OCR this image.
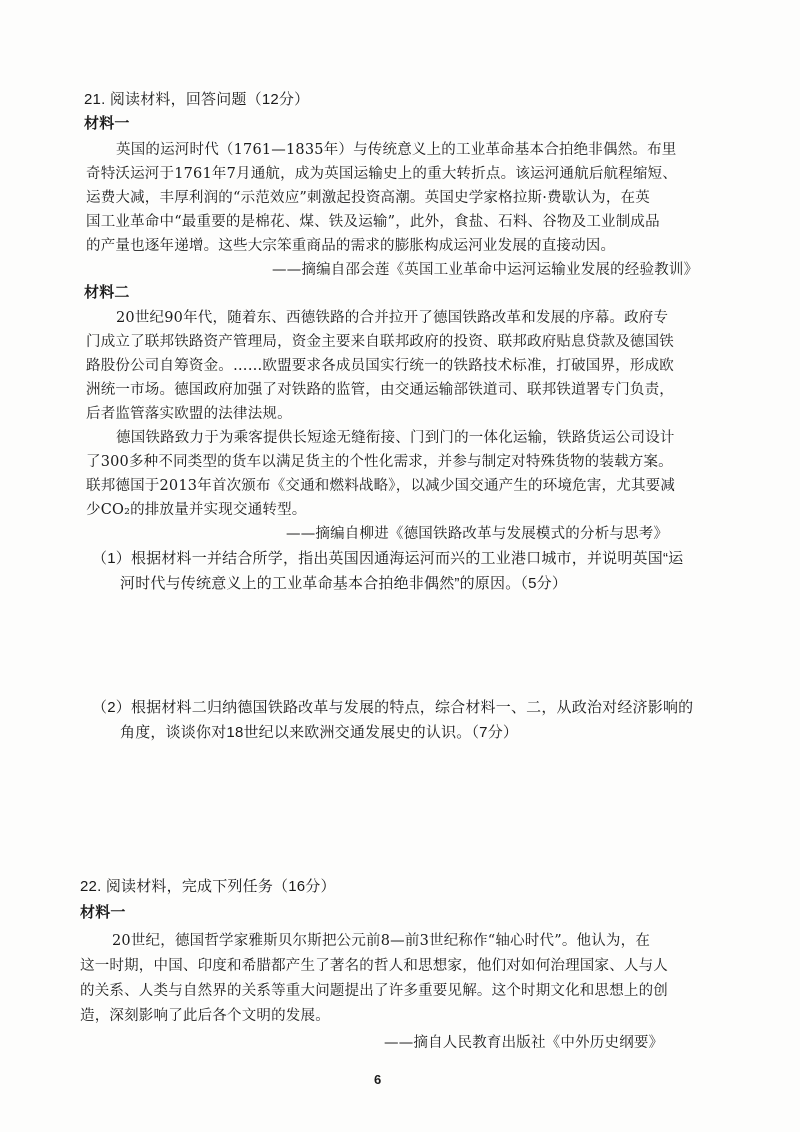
21. 阅读材料，回答问题（12分）
材料一
英国的运河时代（1761—1835年）与传统意义上的工业革命基本合拍绝非偶然。布里
奇特沃运河于1761年7月通航，成为英国运输史上的重大转折点。该运河通航后航程缩短、
运费大减，丰厚利润的“示范效应”刺激起投资高潮。英国史学家格拉斯·费歇认为，在英
国工业革命中“最重要的是棉花、煤、铁及运输”，此外，食盐、石料、谷物及工业制成品
的产量也逐年递增。这些大宗笨重商品的需求的膨胀构成运河业发展的直接动因。
——摘编自邵会莲《英国工业革命中运河运输业发展的经验教训》
材料二
20世纪90年代，随着东、西德铁路的合并拉开了德国铁路改革和发展的序幕。政府专
门成立了联邦铁路资产管理局，资金主要来自联邦政府的投资、联邦政府贴息贷款及德国铁
路股份公司自筹资金。……欧盟要求各成员国实行统一的铁路技术标准，打破国界，形成欧
洲统一市场。德国政府加强了对铁路的监管，由交通运输部铁道司、联邦铁道署专门负责，
后者监管落实欧盟的法律法规。
德国铁路致力于为乘客提供长短途无缝衔接、门到门的一体化运输，铁路货运公司设计
了300多种不同类型的货车以满足货主的个性化需求，并参与制定对特殊货物的装载方案。
联邦德国于2013年首次颁布《交通和燃料战略》，以减少国交通产生的环境危害，尤其要减
少CO₂的排放量并实现交通转型。
——摘编自柳进《德国铁路改革与发展模式的分析与思考》
（1）根据材料一并结合所学，指出英国因通海运河而兴的工业港口城市，并说明英国“运
河时代与传统意义上的工业革命基本合拍绝非偶然”的原因。（5分）
（2）根据材料二归纳德国铁路改革与发展的特点，综合材料一、二，从政治对经济影响的
角度，谈谈你对18世纪以来欧洲交通发展史的认识。（7分）
22. 阅读材料，完成下列任务（16分）
材料一
20世纪，德国哲学家雅斯贝尔斯把公元前8—前3世纪称作“轴心时代”。他认为，在
这一时期，中国、印度和希腊都产生了著名的哲人和思想家，他们对如何治理国家、人与人
的关系、人类与自然界的关系等重大问题提出了许多重要见解。这个时期文化和思想上的创
造，深刻影响了此后各个文明的发展。
——摘自人民教育出版社《中外历史纲要》
6
